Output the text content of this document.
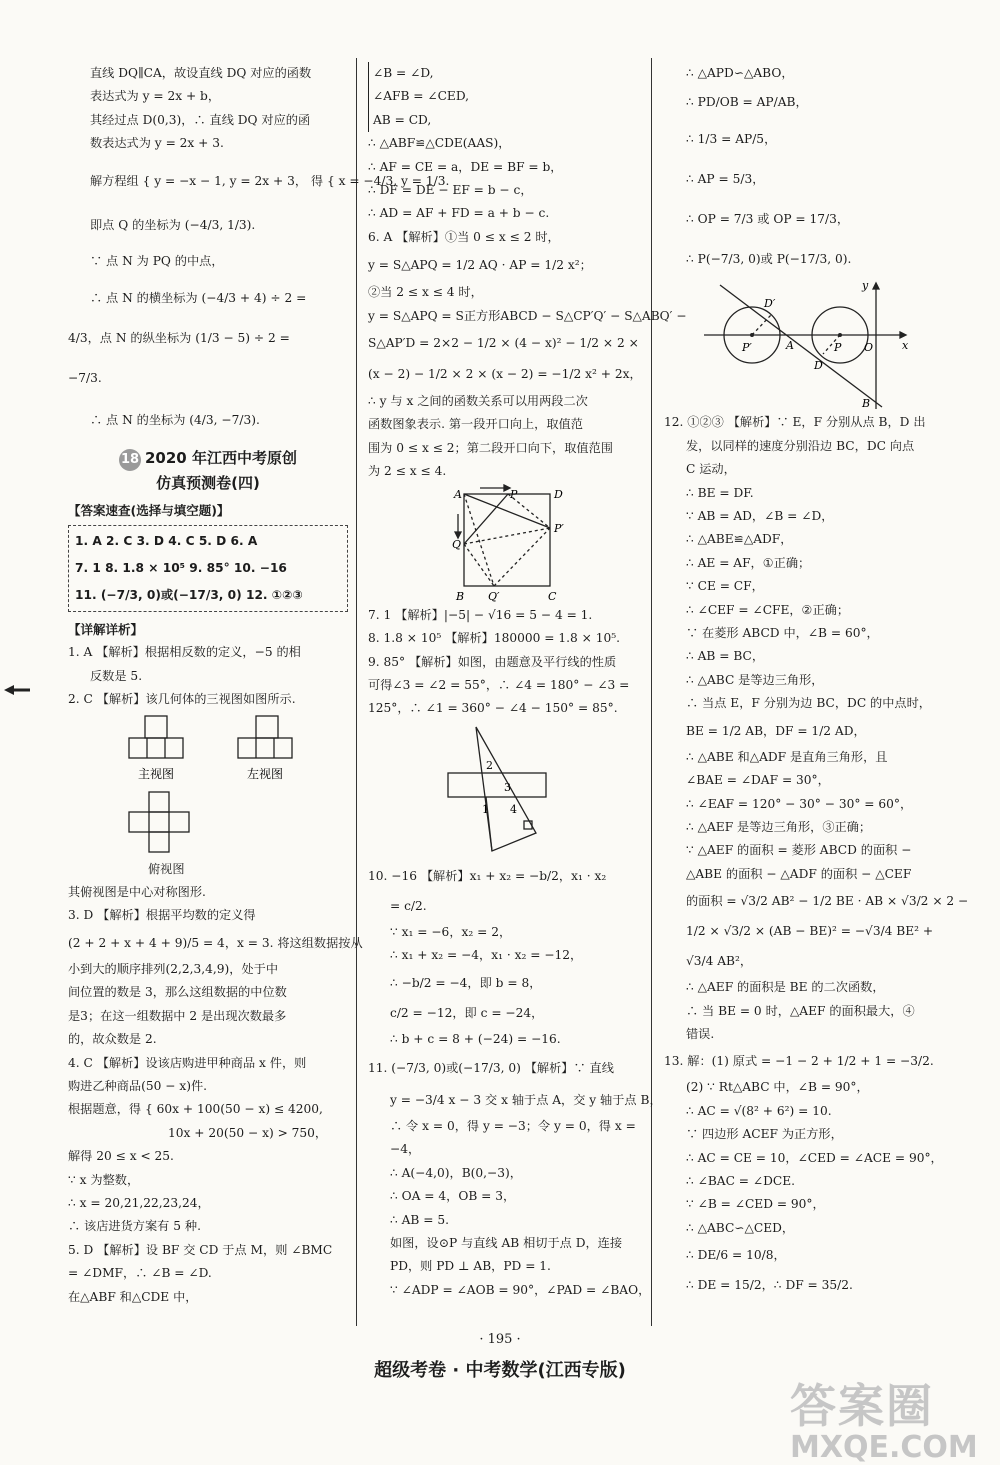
直线 DQ∥CA，故设直线 DQ 对应的函数

表达式为 y = 2x + b，

其经过点 D(0,3)，∴ 直线 DQ 对应的函

数表达式为 y = 2x + 3.

解方程组 { y = −x − 1, y = 2x + 3， 得 { x = −4/3, y = 1/3.

即点 Q 的坐标为 (−4/3, 1/3).

∵ 点 N 为 PQ 的中点，

∴ 点 N 的横坐标为 (−4/3 + 4) ÷ 2 =

4/3，点 N 的纵坐标为 (1/3 − 5) ÷ 2 =

−7/3.

∴ 点 N 的坐标为 (4/3, −7/3).

18 2020 年江西中考原创
仿真预测卷(四)

【答案速查(选择与填空题)】

1. A 2. C 3. D 4. C 5. D 6. A

7. 1 8. 1.8 × 10⁵ 9. 85° 10. −16

11. (−7/3, 0)或(−17/3, 0) 12. ①②③

【详解详析】

1. A 【解析】根据相反数的定义，−5 的相

反数是 5.

2. C 【解析】该几何体的三视图如图所示.

主视图	左视图

俯视图

其俯视图是中心对称图形.

3. D 【解析】根据平均数的定义得

(2 + 2 + x + 4 + 9)/5 = 4，x = 3. 将这组数据按从

小到大的顺序排列(2,2,3,4,9)，处于中

间位置的数是 3，那么这组数据的中位数

是3；在这一组数据中 2 是出现次数最多

的，故众数是 2.

4. C 【解析】设该店购进甲种商品 x 件，则

购进乙种商品(50 − x)件.

根据题意，得 { 60x + 100(50 − x) ≤ 4200,

10x + 20(50 − x) > 750，

解得 20 ≤ x < 25.

∵ x 为整数，

∴ x = 20,21,22,23,24，

∴ 该店进货方案有 5 种.

5. D 【解析】设 BF 交 CD 于点 M，则 ∠BMC

= ∠DMF，∴ ∠B = ∠D.

在△ABF 和△CDE 中，

∠B = ∠D,

∠AFB = ∠CED,

AB = CD,

∴ △ABF≌△CDE(AAS)，

∴ AF = CE = a，DE = BF = b，

∴ DF = DE − EF = b − c，

∴ AD = AF + FD = a + b − c.

6. A 【解析】①当 0 ≤ x ≤ 2 时，

y = S△APQ = 1/2 AQ · AP = 1/2 x²；

②当 2 ≤ x ≤ 4 时，

y = S△APQ = S正方形ABCD − S△CP′Q′ − S△ABQ′ −

S△AP′D = 2×2 − 1/2 × (4 − x)² − 1/2 × 2 ×

(x − 2) − 1/2 × 2 × (x − 2) = −1/2 x² + 2x，

∴ y 与 x 之间的函数关系可以用两段二次

函数图象表示. 第一段开口向上，取值范

围为 0 ≤ x ≤ 2；第二段开口向下，取值范围

为 2 ≤ x ≤ 4.

A	P	D
P′
Q
B Q′	C

7. 1 【解析】|−5| − √16 = 5 − 4 = 1.

8. 1.8 × 10⁵ 【解析】180000 = 1.8 × 10⁵.

9. 85° 【解析】如图，由题意及平行线的性质

可得∠3 = ∠2 = 55°，∴ ∠4 = 180° − ∠3 =

125°，∴ ∠1 = 360° − ∠4 − 150° = 85°.

2
3
1 4

10. −16 【解析】x₁ + x₂ = −b/2，x₁ · x₂

= c/2.

∵ x₁ = −6，x₂ = 2，

∴ x₁ + x₂ = −4，x₁ · x₂ = −12，

∴ −b/2 = −4，即 b = 8，

c/2 = −12，即 c = −24，

∴ b + c = 8 + (−24) = −16.

11. (−7/3, 0)或(−17/3, 0) 【解析】∵ 直线

y = −3/4 x − 3 交 x 轴于点 A，交 y 轴于点 B，

∴ 令 x = 0，得 y = −3；令 y = 0，得 x =

−4，

∴ A(−4,0)，B(0,−3)，

∴ OA = 4，OB = 3，

∴ AB = 5.

如图，设⊙P 与直线 AB 相切于点 D，连接

PD，则 PD ⊥ AB，PD = 1.

∵ ∠ADP = ∠AOB = 90°，∠PAD = ∠BAO，

∴ △APD∽△ABO，

∴ PD/OB = AP/AB，

∴ 1/3 = AP/5，

∴ AP = 5/3，

∴ OP = 7/3 或 OP = 17/3，

∴ P(−7/3, 0)或 P(−17/3, 0).

y
D′
P′	A	P O	x
D
B

12. ①②③ 【解析】∵ E，F 分别从点 B，D 出

发，以同样的速度分别沿边 BC，DC 向点

C 运动，

∴ BE = DF.

∵ AB = AD，∠B = ∠D，

∴ △ABE≌△ADF，

∴ AE = AF，①正确；

∵ CE = CF，

∴ ∠CEF = ∠CFE，②正确；

∵ 在菱形 ABCD 中，∠B = 60°，

∴ AB = BC，

∴ △ABC 是等边三角形，

∴ 当点 E，F 分别为边 BC，DC 的中点时，

BE = 1/2 AB，DF = 1/2 AD，

∴ △ABE 和△ADF 是直角三角形，且

∠BAE = ∠DAF = 30°，

∴ ∠EAF = 120° − 30° − 30° = 60°，

∴ △AEF 是等边三角形，③正确；

∵ △AEF 的面积 = 菱形 ABCD 的面积 −

△ABE 的面积 − △ADF 的面积 − △CEF

的面积 = √3/2 AB² − 1/2 BE · AB × √3/2 × 2 −

1/2 × √3/2 × (AB − BE)² = −√3/4 BE² +

√3/4 AB²，

∴ △AEF 的面积是 BE 的二次函数，

∴ 当 BE = 0 时，△AEF 的面积最大，④

错误.

13. 解：(1) 原式 = −1 − 2 + 1/2 + 1 = −3/2.

(2) ∵ Rt△ABC 中，∠B = 90°，

∴ AC = √(8² + 6²) = 10.

∵ 四边形 ACEF 为正方形，

∴ AC = CE = 10，∠CED = ∠ACE = 90°，

∴ ∠BAC = ∠DCE.

∵ ∠B = ∠CED = 90°，

∴ △ABC∽△CED，

∴ DE/6 = 10/8，

∴ DE = 15/2，∴ DF = 35/2.

· 195 ·
超级考卷 · 中考数学(江西专版)
答案圈
MXQE.COM
